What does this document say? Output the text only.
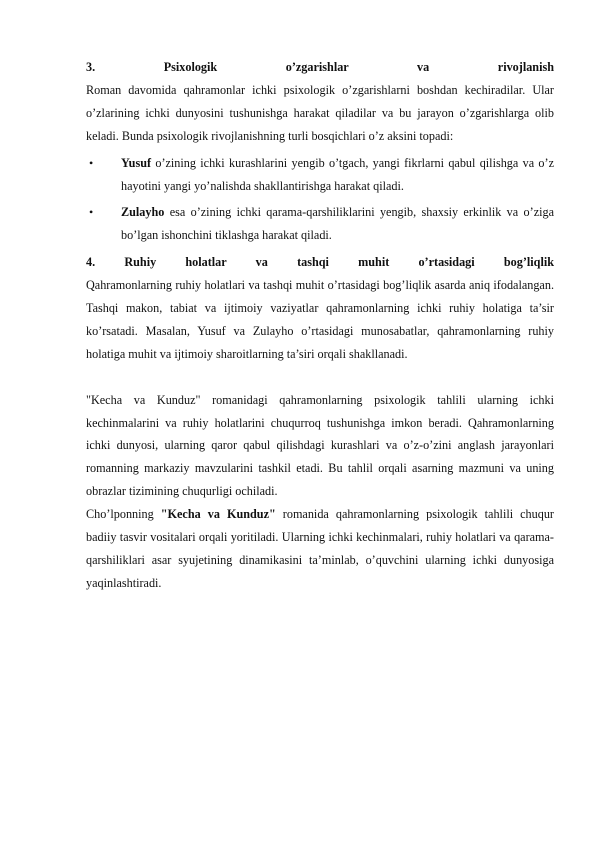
3. Psixologik o’zgarishlar va rivojlanish

Roman davomida qahramonlar ichki psixologik o’zgarishlarni boshdan kechiradilar. Ular o’zlarining ichki dunyosini tushunishga harakat qiladilar va bu jarayon o’zgarishlarga olib keladi. Bunda psixologik rivojlanishning turli bosqichlari o’z aksini topadi:

• Yusuf o’zining ichki kurashlarini yengib o’tgach, yangi fikrlarni qabul qilishga va o’z hayotini yangi yo’nalishda shakllantirishga harakat qiladi.
• Zulayho esa o’zining ichki qarama-qarshiliklarini yengib, shaxsiy erkinlik va o’ziga bo’lgan ishonchini tiklashga harakat qiladi.

4. Ruhiy holatlar va tashqi muhit o’rtasidagi bog’liqlik

Qahramonlarning ruhiy holatlari va tashqi muhit o’rtasidagi bog’liqlik asarda aniq ifodalangan. Tashqi makon, tabiat va ijtimoiy vaziyatlar qahramonlarning ichki ruhiy holatiga ta’sir ko’rsatadi. Masalan, Yusuf va Zulayho o’rtasidagi munosabatlar, qahramonlarning ruhiy holatiga muhit va ijtimoiy sharoitlarning ta’siri orqali shakllanadi.

"Kecha va Kunduz" romanidagi qahramonlarning psixologik tahlili ularning ichki kechinmalarini va ruhiy holatlarini chuqurroq tushunishga imkon beradi. Qahramonlarning ichki dunyosi, ularning qaror qabul qilishdagi kurashlari va o’z-o’zini anglash jarayonlari romanning markaziy mavzularini tashkil etadi. Bu tahlil orqali asarning mazmuni va uning obrazlar tizimining chuqurligi ochiladi.

Cho’lponning "Kecha va Kunduz" romanida qahramonlarning psixologik tahlili chuqur badiiy tasvir vositalari orqali yoritiladi. Ularning ichki kechinmalari, ruhiy holatlari va qarama-qarshiliklari asar syujetining dinamikasini ta’minlab, o’quvchini ularning ichki dunyosiga yaqinlashtiradi.
